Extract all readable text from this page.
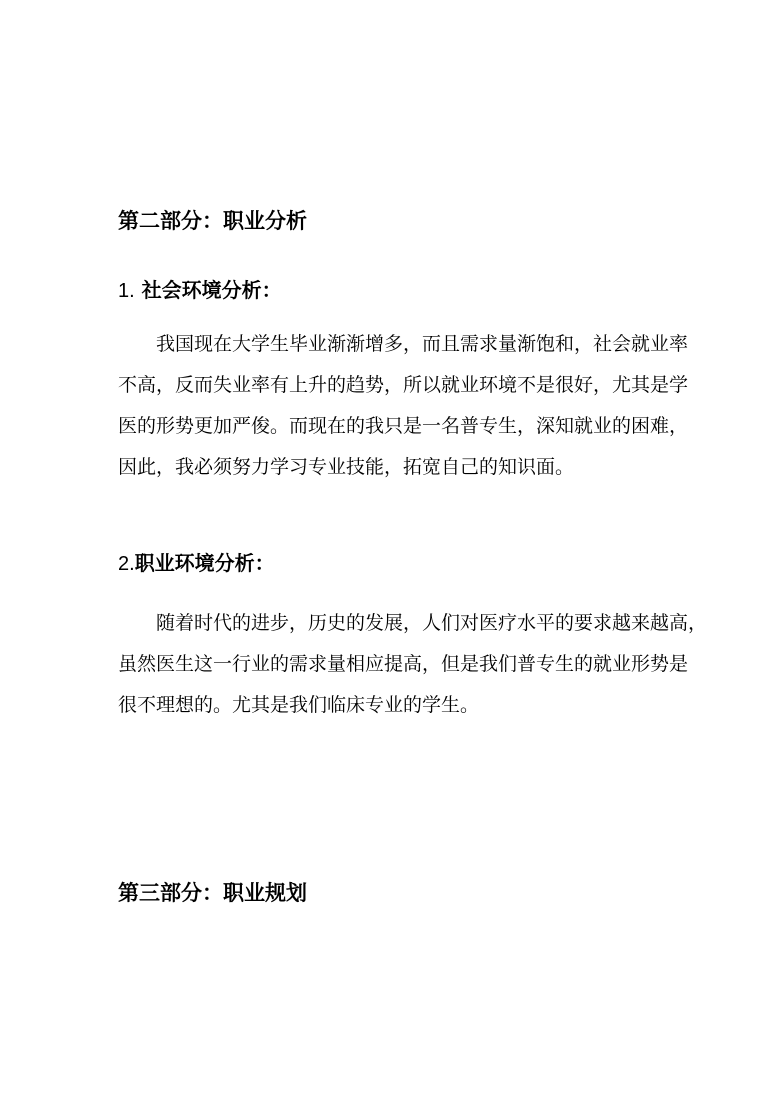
第二部分：职业分析
1. 社会环境分析：
我国现在大学生毕业渐渐增多，而且需求量渐饱和，社会就业率
不高，反而失业率有上升的趋势，所以就业环境不是很好，尤其是学
医的形势更加严俊。而现在的我只是一名普专生，深知就业的困难，
因此，我必须努力学习专业技能，拓宽自己的知识面。
2.职业环境分析：
随着时代的进步，历史的发展，人们对医疗水平的要求越来越高，
虽然医生这一行业的需求量相应提高，但是我们普专生的就业形势是
很不理想的。尤其是我们临床专业的学生。
第三部分：职业规划
